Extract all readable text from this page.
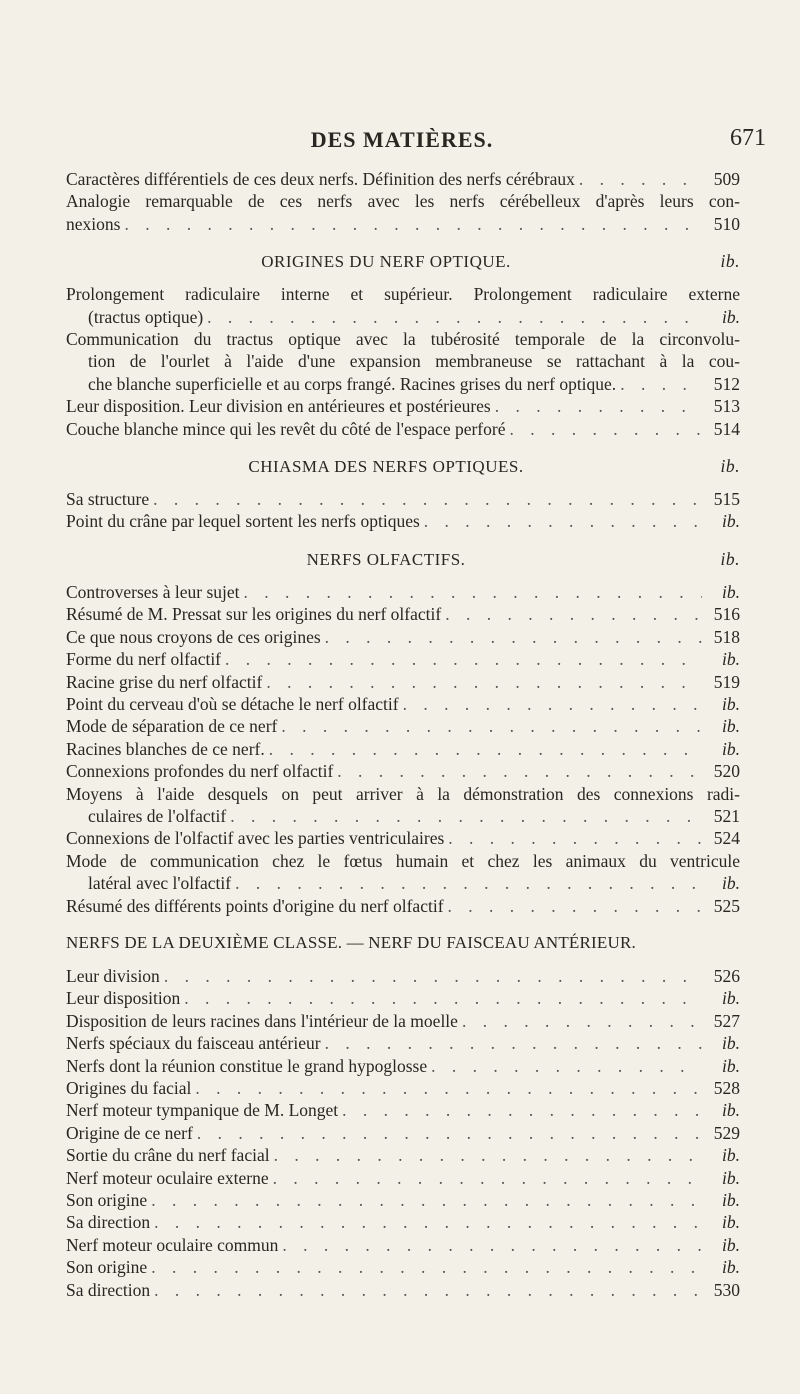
DES MATIÈRES.	671
Caractères différentiels de ces deux nerfs. Définition des nerfs cérébraux . . .	509
Analogie remarquable de ces nerfs avec les nerfs cérébelleux d'après leurs con-
nexions . . .	510
ORIGINES DU NERF OPTIQUE.	ib.
Prolongement radiculaire interne et supérieur. Prolongement radiculaire externe
(tractus optique) . . .	ib.
Communication du tractus optique avec la tubérosité temporale de la circonvolu-
tion de l'ourlet à l'aide d'une expansion membraneuse se rattachant à la cou-
che blanche superficielle et au corps frangé. Racines grises du nerf optique. . . .	512
Leur disposition. Leur division en antérieures et postérieures . . .	513
Couche blanche mince qui les revêt du côté de l'espace perforé . . .	514
CHIASMA DES NERFS OPTIQUES.	ib.
Sa structure . . .	515
Point du crâne par lequel sortent les nerfs optiques . . .	ib.
NERFS OLFACTIFS.	ib.
Controverses à leur sujet . . .	ib.
Résumé de M. Pressat sur les origines du nerf olfactif . . .	516
Ce que nous croyons de ces origines . . .	518
Forme du nerf olfactif . . .	ib.
Racine grise du nerf olfactif . . .	519
Point du cerveau d'où se détache le nerf olfactif . . .	ib.
Mode de séparation de ce nerf . . .	ib.
Racines blanches de ce nerf. . . .	ib.
Connexions profondes du nerf olfactif . . .	520
Moyens à l'aide desquels on peut arriver à la démonstration des connexions radi-
culaires de l'olfactif . . .	521
Connexions de l'olfactif avec les parties ventriculaires . . .	524
Mode de communication chez le fœtus humain et chez les animaux du ventricule
latéral avec l'olfactif . . .	ib.
Résumé des différents points d'origine du nerf olfactif . . .	525
NERFS DE LA DEUXIÈME CLASSE. — NERF DU FAISCEAU ANTÉRIEUR.
Leur division . . .	526
Leur disposition . . .	ib.
Disposition de leurs racines dans l'intérieur de la moelle . . .	527
Nerfs spéciaux du faisceau antérieur . . .	ib.
Nerfs dont la réunion constitue le grand hypoglosse . . .	ib.
Origines du facial . . .	528
Nerf moteur tympanique de M. Longet . . .	ib.
Origine de ce nerf . . .	529
Sortie du crâne du nerf facial . . .	ib.
Nerf moteur oculaire externe . . .	ib.
Son origine . . .	ib.
Sa direction . . .	ib.
Nerf moteur oculaire commun . . .	ib.
Son origine . . .	ib.
Sa direction . . .	530
